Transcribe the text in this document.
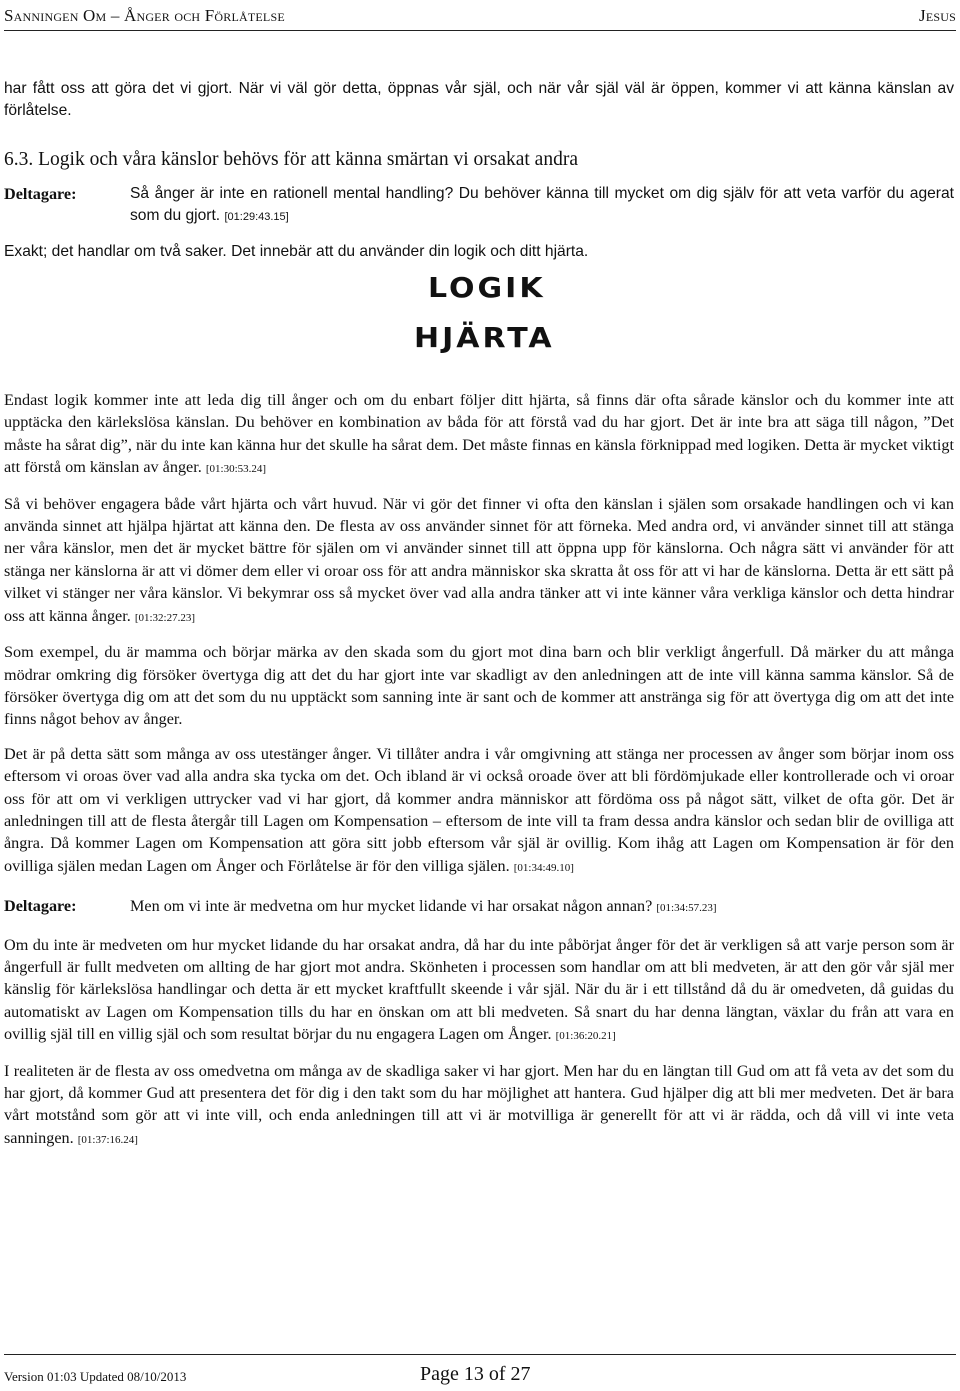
Sanningen Om – Ånger och Förlåtelse	Jesus

har fått oss att göra det vi gjort. När vi väl gör detta, öppnas vår själ, och när vår själ väl är öppen, kommer vi att känna känslan av förlåtelse.

6.3. Logik och våra känslor behövs för att känna smärtan vi orsakat andra
Deltagare:	Så ånger är inte en rationell mental handling? Du behöver känna till mycket om dig själv för att veta varför du agerat som du gjort. [01:29:43.15]

Exakt; det handlar om två saker. Det innebär att du använder din logik och ditt hjärta.

LOGIK
HJÄRTA

Endast logik kommer inte att leda dig till ånger och om du enbart följer ditt hjärta, så finns där ofta sårade känslor och du kommer inte att upptäcka den kärlekslösa känslan. Du behöver en kombination av båda för att förstå vad du har gjort. Det är inte bra att säga till någon, ”Det måste ha sårat dig”, när du inte kan känna hur det skulle ha sårat dem. Det måste finnas en känsla förknippad med logiken. Detta är mycket viktigt att förstå om känslan av ånger. [01:30:53.24]

Så vi behöver engagera både vårt hjärta och vårt huvud. När vi gör det finner vi ofta den känslan i själen som orsakade handlingen och vi kan använda sinnet att hjälpa hjärtat att känna den. De flesta av oss använder sinnet för att förneka. Med andra ord, vi använder sinnet till att stänga ner våra känslor, men det är mycket bättre för själen om vi använder sinnet till att öppna upp för känslorna. Och några sätt vi använder för att stänga ner känslorna är att vi dömer dem eller vi oroar oss för att andra människor ska skratta åt oss för att vi har de känslorna. Detta är ett sätt på vilket vi stänger ner våra känslor. Vi bekymrar oss så mycket över vad alla andra tänker att vi inte känner våra verkliga känslor och detta hindrar oss att känna ånger. [01:32:27.23]

Som exempel, du är mamma och börjar märka av den skada som du gjort mot dina barn och blir verkligt ångerfull. Då märker du att många mödrar omkring dig försöker övertyga dig att det du har gjort inte var skadligt av den anledningen att de inte vill känna samma känslor. Så de försöker övertyga dig om att det som du nu upptäckt som sanning inte är sant och de kommer att anstränga sig för att övertyga dig om att det inte finns något behov av ånger.

Det är på detta sätt som många av oss utestänger ånger. Vi tillåter andra i vår omgivning att stänga ner processen av ånger som börjar inom oss eftersom vi oroas över vad alla andra ska tycka om det. Och ibland är vi också oroade över att bli fördömjukade eller kontrollerade och vi oroar oss för att om vi verkligen uttrycker vad vi har gjort, då kommer andra människor att fördöma oss på något sätt, vilket de ofta gör. Det är anledningen till att de flesta återgår till Lagen om Kompensation – eftersom de inte vill ta fram dessa andra känslor och sedan blir de ovilliga att ångra. Då kommer Lagen om Kompensation att göra sitt jobb eftersom vår själ är ovillig. Kom ihåg att Lagen om Kompensation är för den ovilliga själen medan Lagen om Ånger och Förlåtelse är för den villiga själen. [01:34:49.10]

Deltagare:	Men om vi inte är medvetna om hur mycket lidande vi har orsakat någon annan? [01:34:57.23]

Om du inte är medveten om hur mycket lidande du har orsakat andra, då har du inte påbörjat ånger för det är verkligen så att varje person som är ångerfull är fullt medveten om allting de har gjort mot andra. Skönheten i processen som handlar om att bli medveten, är att den gör vår själ mer känslig för kärlekslösa handlingar och detta är ett mycket kraftfullt skeende i vår själ. När du är i ett tillstånd då du är omedveten, då guidas du automatiskt av Lagen om Kompensation tills du har en önskan om att bli medveten. Så snart du har denna längtan, växlar du från att vara en ovillig själ till en villig själ och som resultat börjar du nu engagera Lagen om Ånger. [01:36:20.21]

I realiteten är de flesta av oss omedvetna om många av de skadliga saker vi har gjort. Men har du en längtan till Gud om att få veta av det som du har gjort, då kommer Gud att presentera det för dig i den takt som du har möjlighet att hantera. Gud hjälper dig att bli mer medveten. Det är bara vårt motstånd som gör att vi inte vill, och enda anledningen till att vi är motvilliga är generellt för att vi är rädda, och då vill vi inte veta sanningen. [01:37:16.24]

Version 01:03 Updated 08/10/2013	Page 13 of 27
